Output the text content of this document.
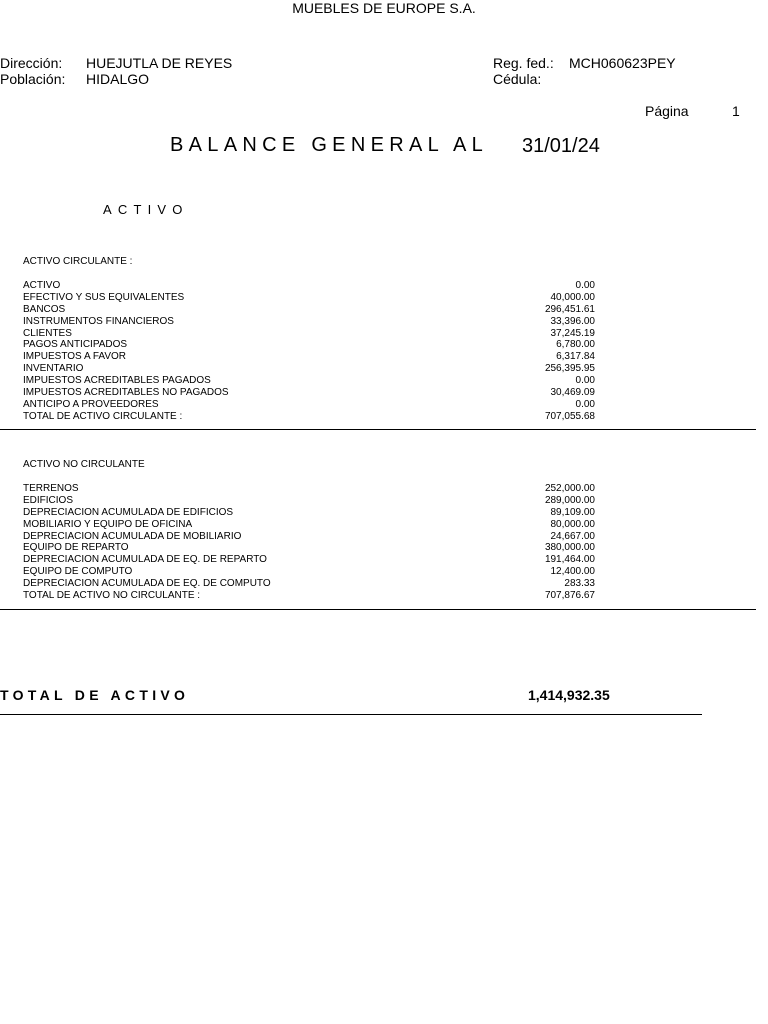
MUEBLES DE EUROPE S.A.
Dirección: HUEJUTLA DE REYES
Población: HIDALGO
Reg. fed.: MCH060623PEY
Cédula:
Página	1
BALANCE GENERAL AL 31/01/24
ACTIVO
ACTIVO CIRCULANTE :
ACTIVO	0.00
EFECTIVO Y SUS EQUIVALENTES	40,000.00
BANCOS	296,451.61
INSTRUMENTOS FINANCIEROS	33,396.00
CLIENTES	37,245.19
PAGOS ANTICIPADOS	6,780.00
IMPUESTOS A FAVOR	6,317.84
INVENTARIO	256,395.95
IMPUESTOS ACREDITABLES PAGADOS	0.00
IMPUESTOS ACREDITABLES NO PAGADOS	30,469.09
ANTICIPO A PROVEEDORES	0.00
TOTAL DE ACTIVO CIRCULANTE :	707,055.68
ACTIVO NO CIRCULANTE
TERRENOS	252,000.00
EDIFICIOS	289,000.00
DEPRECIACION ACUMULADA DE EDIFICIOS	89,109.00
MOBILIARIO Y EQUIPO DE OFICINA	80,000.00
DEPRECIACION ACUMULADA DE MOBILIARIO	24,667.00
EQUIPO DE REPARTO	380,000.00
DEPRECIACION ACUMULADA DE EQ. DE REPARTO	191,464.00
EQUIPO DE COMPUTO	12,400.00
DEPRECIACION ACUMULADA DE EQ. DE COMPUTO	283.33
TOTAL DE ACTIVO NO CIRCULANTE :	707,876.67
TOTAL DE ACTIVO	1,414,932.35
